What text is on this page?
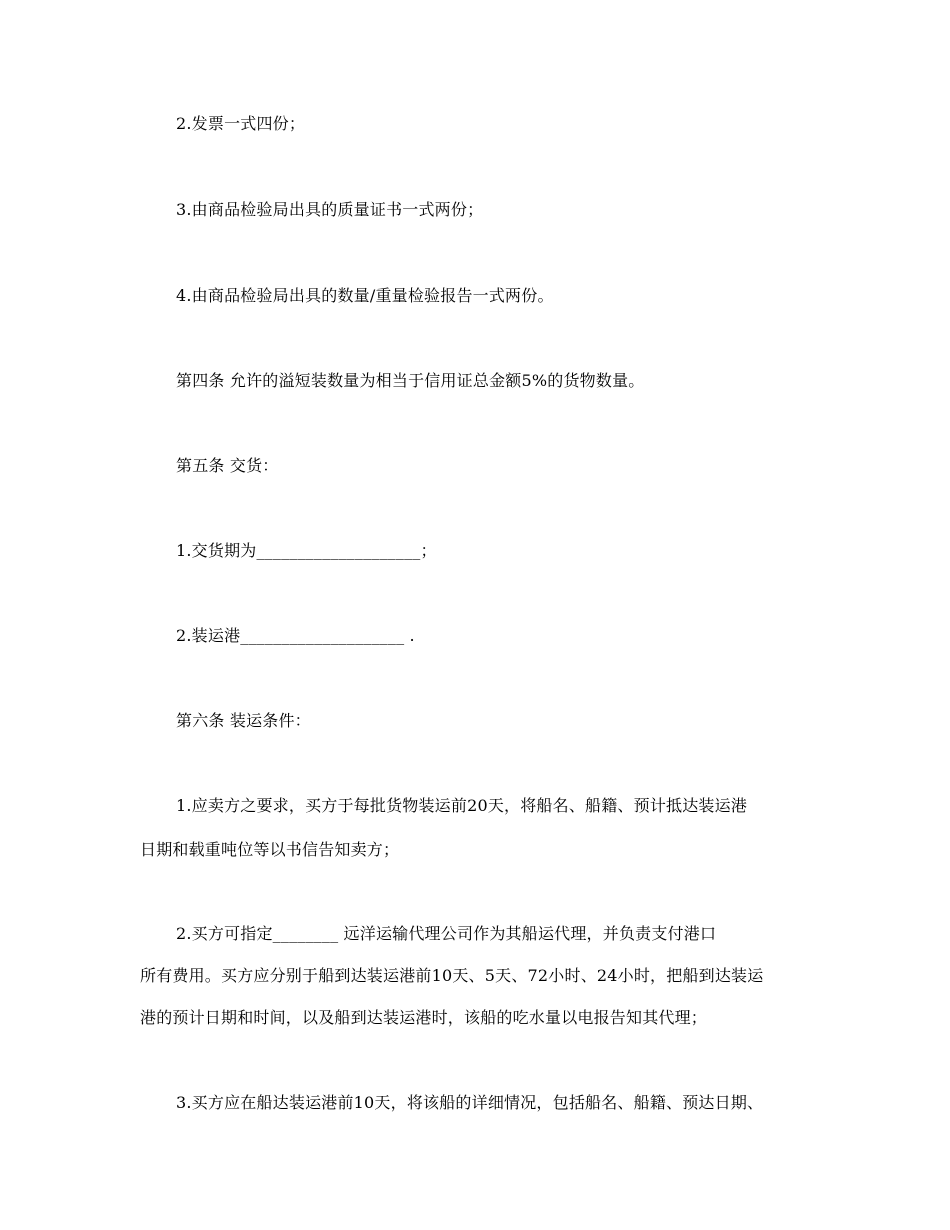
2.发票一式四份；
3.由商品检验局出具的质量证书一式两份；
4.由商品检验局出具的数量/重量检验报告一式两份。
第四条 允许的溢短装数量为相当于信用证总金额5%的货物数量。
第五条 交货：
1.交货期为____________________；
2.装运港____________________ .
第六条 装运条件：
1.应卖方之要求，买方于每批货物装运前20天，将船名、船籍、预计抵达装运港
日期和载重吨位等以书信告知卖方；
2.买方可指定________ 远洋运输代理公司作为其船运代理，并负责支付港口
所有费用。买方应分别于船到达装运港前10天、5天、72小时、24小时，把船到达装运
港的预计日期和时间，以及船到达装运港时，该船的吃水量以电报告知其代理；
3.买方应在船达装运港前10天，将该船的详细情况，包括船名、船籍、预达日期、
